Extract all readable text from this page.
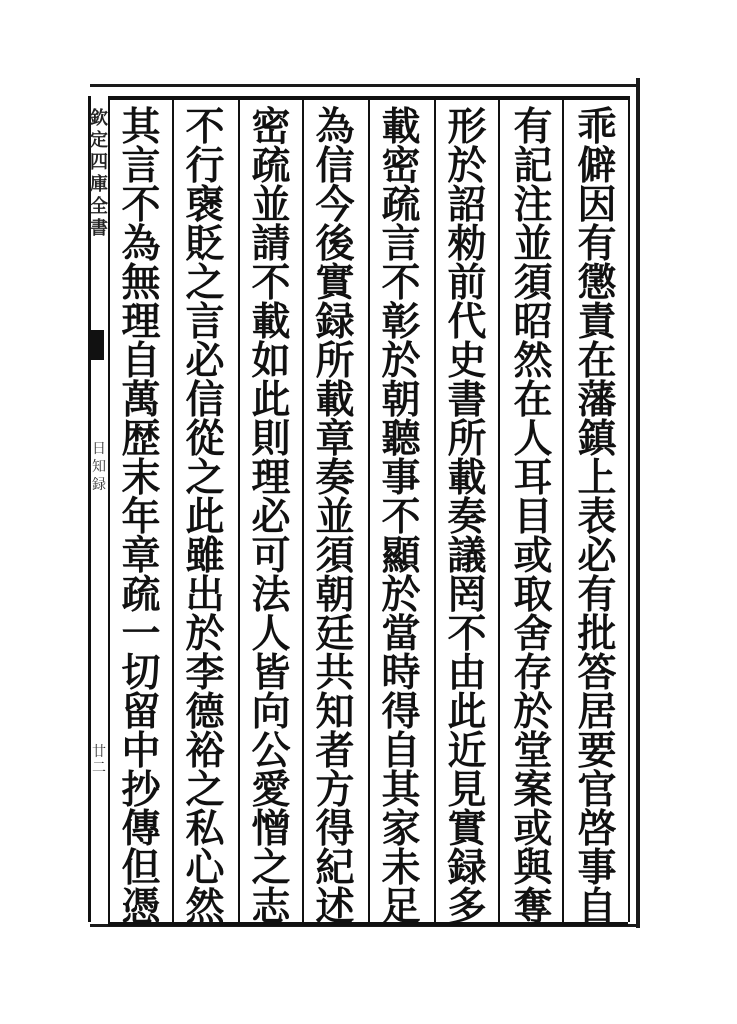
欽
定
四
庫
全
書
日
知
録
廿
二
乖
僻
因
有
懲
責
在
藩
鎮
上
表
必
有
批
答
居
要
官
啓
事
自
有
記
注
並
須
昭
然
在
人
耳
目
或
取
舍
存
於
堂
案
或
與
奪
形
於
詔
勑
前
代
史
書
所
載
奏
議
罔
不
由
此
近
見
實
録
多
載
密
疏
言
不
彰
於
朝
聽
事
不
顯
於
當
時
得
自
其
家
未
足
為
信
今
後
實
録
所
載
章
奏
並
須
朝
廷
共
知
者
方
得
紀
述
密
疏
並
請
不
載
如
此
則
理
必
可
法
人
皆
向
公
愛
憎
之
志
不
行
襃
貶
之
言
必
信
從
之
此
雖
出
於
李
德
裕
之
私
心
然
其
言
不
為
無
理
自
萬
歴
末
年
章
疏
一
切
留
中
抄
傳
但
憑
